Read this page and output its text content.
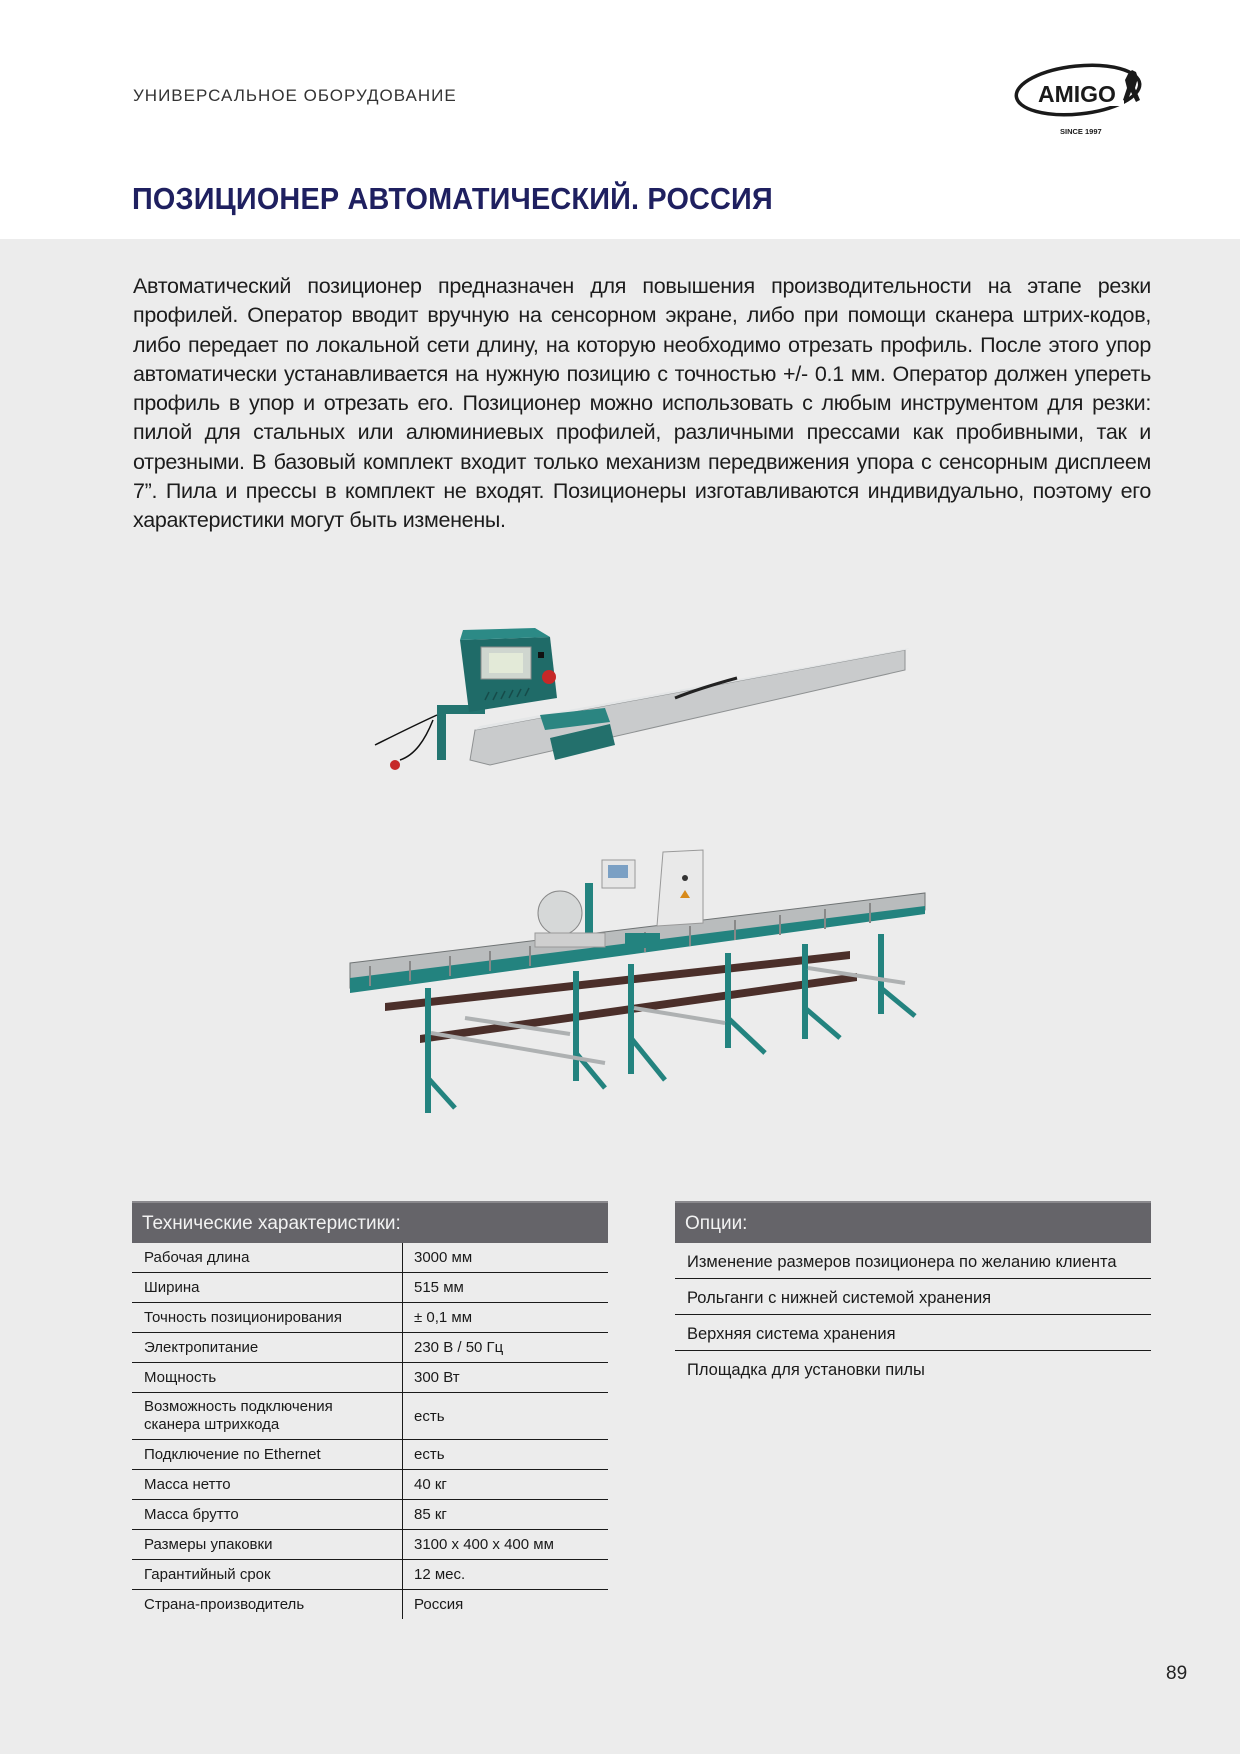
УНИВЕРСАЛЬНОЕ ОБОРУДОВАНИЕ	AMIGO
SINCE 1997
ПОЗИЦИОНЕР АВТОМАТИЧЕСКИЙ. РОССИЯ

Автоматический позиционер предназначен для повышения производительности на этапе резки профилей. Оператор вводит вручную на сенсорном экране, либо при помощи сканера штрих-кодов, либо передает по локальной сети длину, на которую необходимо отрезать профиль. После этого упор автоматически устанавливается на нужную позицию с точностью +/- 0.1 мм. Оператор должен упереть профиль в упор и отрезать его. Позиционер можно использовать с любым инструментом для резки: пилой для стальных или алюминиевых профилей, различными прессами как пробивными, так и отрезными. В базовый комплект входит только механизм передвижения упора с сенсорным дисплеем 7”. Пила и прессы в комплект не входят. Позиционеры изготавливаются индивидуально, поэтому его характеристики могут быть изменены.

Технические характеристики:
Рабочая длина	3000 мм
Ширина	515 мм
Точность позиционирования	± 0,1 мм
Электропитание	230 В / 50 Гц
Мощность	300 Вт
Возможность подключения сканера штрихкода	есть
Подключение по Ethernet	есть
Масса нетто	40 кг
Масса брутто	85 кг
Размеры упаковки	3100 x 400 x 400 мм
Гарантийный срок	12 мес.
Страна-производитель	Россия
Опции:
Изменение размеров позиционера по желанию клиента
Рольганги с нижней системой хранения
Верхняя система хранения
Площадка для установки пилы
89
